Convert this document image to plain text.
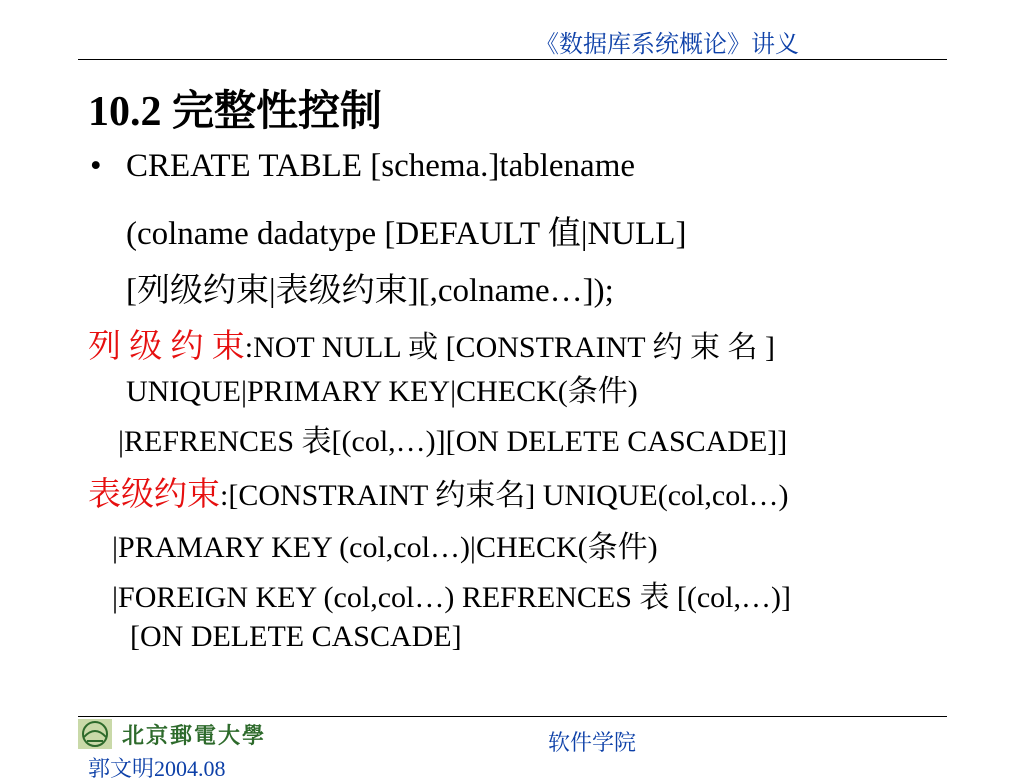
《数据库系统概论》讲义
10.2 完整性控制
• CREATE TABLE [schema.]tablename
(colname dadatype [DEFAULT 值|NULL]
[列级约束|表级约束][,colname…]);
列 级 约 束:NOT NULL 或 [CONSTRAINT 约 束 名 ]
UNIQUE|PRIMARY KEY|CHECK(条件)
|REFRENCES 表[(col,…)][ON DELETE CASCADE]]
表级约束:[CONSTRAINT 约束名] UNIQUE(col,col…)
|PRAMARY KEY (col,col…)|CHECK(条件)
|FOREIGN KEY (col,col…) REFRENCES 表 [(col,…)]
[ON DELETE CASCADE]
北京郵電大學	软件学院
郭文明2004.08
